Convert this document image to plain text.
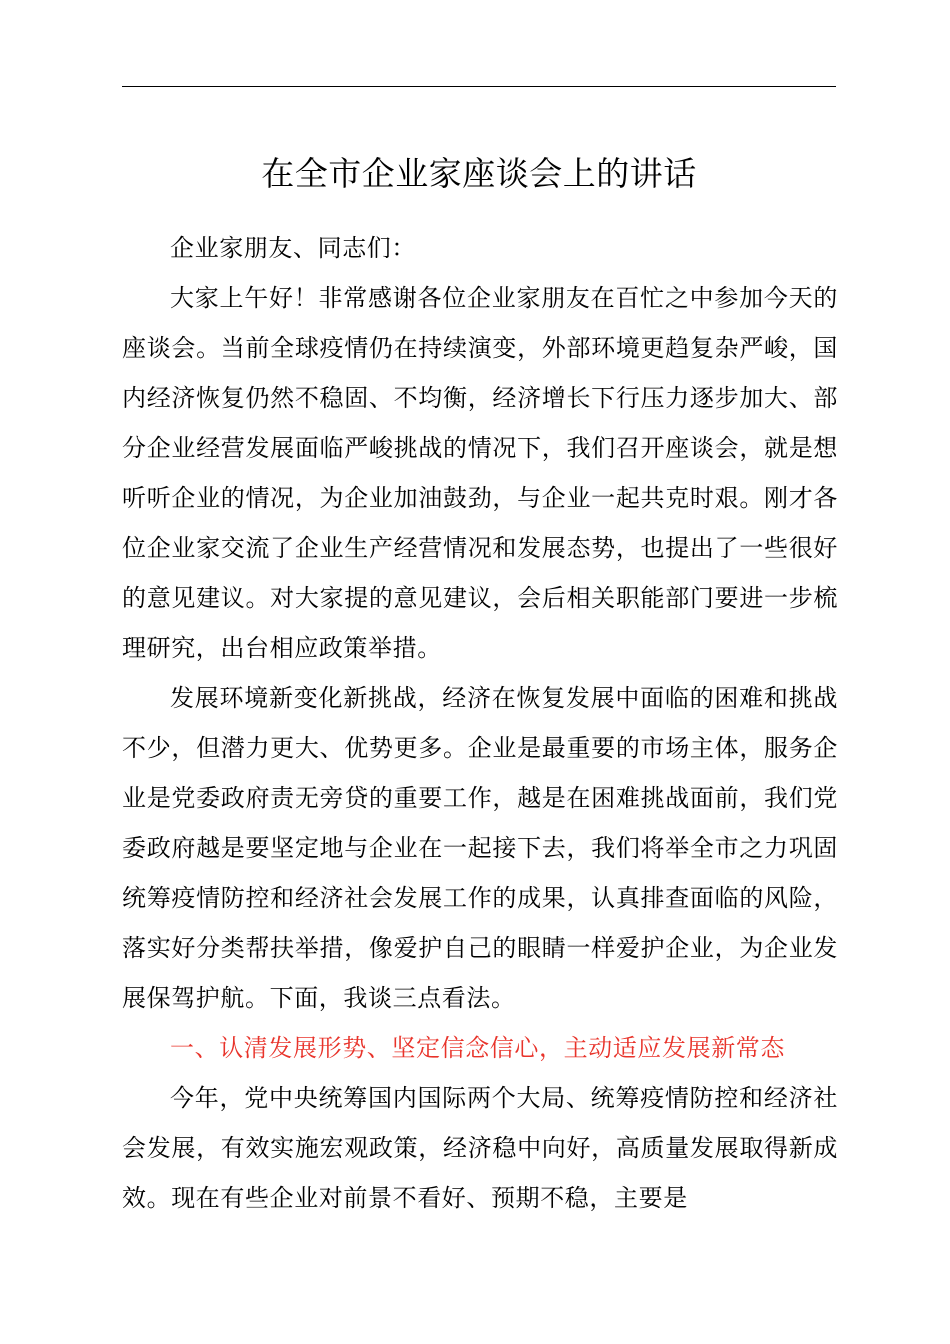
在全市企业家座谈会上的讲话

企业家朋友、同志们：

大家上午好！非常感谢各位企业家朋友在百忙之中参加今天的座谈会。当前全球疫情仍在持续演变，外部环境更趋复杂严峻，国内经济恢复仍然不稳固、不均衡，经济增长下行压力逐步加大、部分企业经营发展面临严峻挑战的情况下，我们召开座谈会，就是想听听企业的情况，为企业加油鼓劲，与企业一起共克时艰。刚才各位企业家交流了企业生产经营情况和发展态势，也提出了一些很好的意见建议。对大家提的意见建议，会后相关职能部门要进一步梳理研究，出台相应政策举措。

发展环境新变化新挑战，经济在恢复发展中面临的困难和挑战不少，但潜力更大、优势更多。企业是最重要的市场主体，服务企业是党委政府责无旁贷的重要工作，越是在困难挑战面前，我们党委政府越是要坚定地与企业在一起接下去，我们将举全市之力巩固统筹疫情防控和经济社会发展工作的成果，认真排查面临的风险，落实好分类帮扶举措，像爱护自己的眼睛一样爱护企业，为企业发展保驾护航。下面，我谈三点看法。

一、认清发展形势、坚定信念信心，主动适应发展新常态

今年，党中央统筹国内国际两个大局、统筹疫情防控和经济社会发展，有效实施宏观政策，经济稳中向好，高质量发展取得新成效。现在有些企业对前景不看好、预期不稳，主要是
